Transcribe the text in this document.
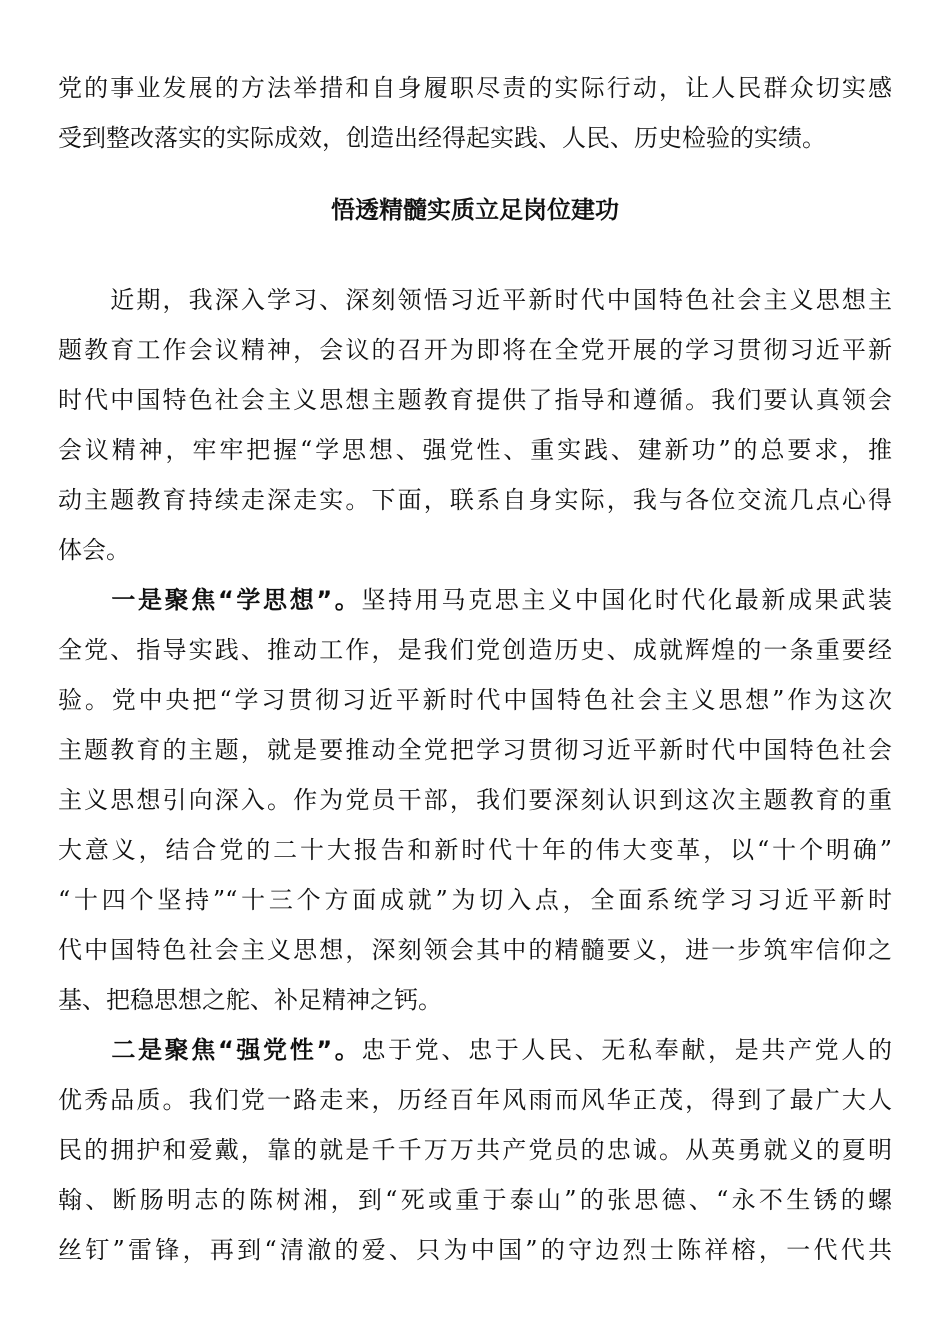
党的事业发展的方法举措和自身履职尽责的实际行动，让人民群众切实感
受到整改落实的实际成效，创造出经得起实践、人民、历史检验的实绩。
悟透精髓实质立足岗位建功
　　近期，我深入学习、深刻领悟习近平新时代中国特色社会主义思想主
题教育工作会议精神，会议的召开为即将在全党开展的学习贯彻习近平新
时代中国特色社会主义思想主题教育提供了指导和遵循。我们要认真领会
会议精神，牢牢把握“学思想、强党性、重实践、建新功”的总要求，推
动主题教育持续走深走实。下面，联系自身实际，我与各位交流几点心得
体会。
　　一是聚焦“学思想”。坚持用马克思主义中国化时代化最新成果武装
全党、指导实践、推动工作，是我们党创造历史、成就辉煌的一条重要经
验。党中央把“学习贯彻习近平新时代中国特色社会主义思想”作为这次
主题教育的主题，就是要推动全党把学习贯彻习近平新时代中国特色社会
主义思想引向深入。作为党员干部，我们要深刻认识到这次主题教育的重
大意义，结合党的二十大报告和新时代十年的伟大变革，以“十个明确”
“十四个坚持”“十三个方面成就”为切入点，全面系统学习习近平新时
代中国特色社会主义思想，深刻领会其中的精髓要义，进一步筑牢信仰之
基、把稳思想之舵、补足精神之钙。
　　二是聚焦“强党性”。忠于党、忠于人民、无私奉献，是共产党人的
优秀品质。我们党一路走来，历经百年风雨而风华正茂，得到了最广大人
民的拥护和爱戴，靠的就是千千万万共产党员的忠诚。从英勇就义的夏明
翰、断肠明志的陈树湘，到“死或重于泰山”的张思德、“永不生锈的螺
丝钉”雷锋，再到“清澈的爱、只为中国”的守边烈士陈祥榕，一代代共
